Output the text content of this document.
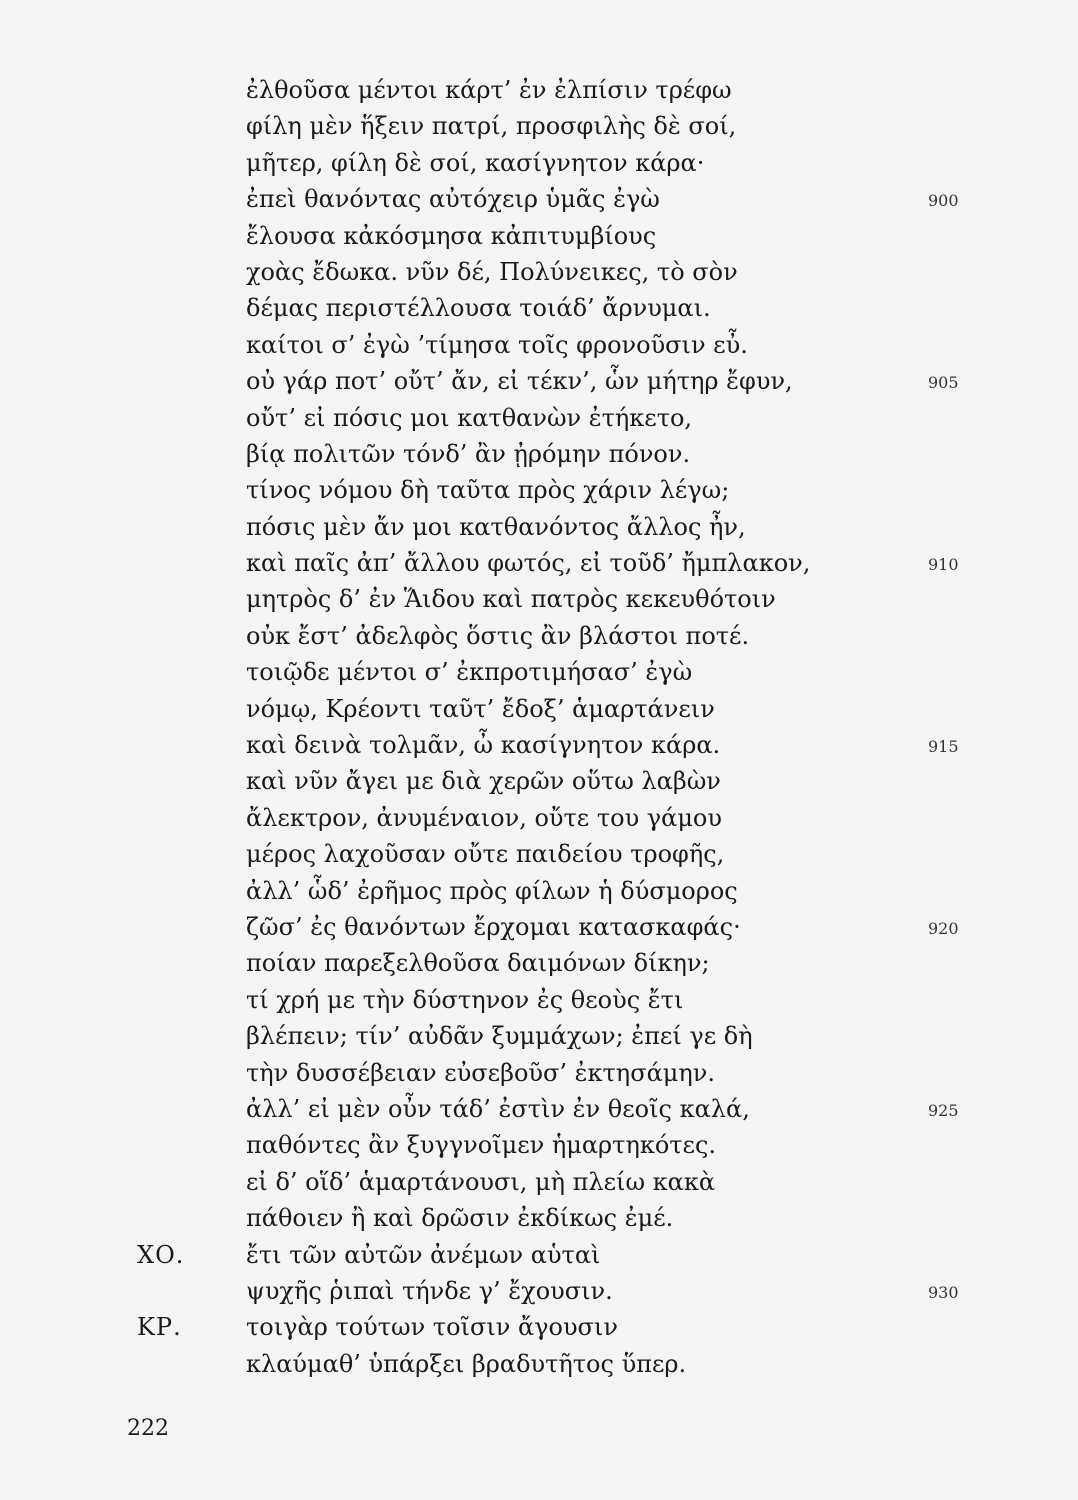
ἐλθοῦσα μέντοι κάρτ’ ἐν ἐλπίσιν τρέφω
φίλη μὲν ἥξειν πατρί, προσφιλὴς δὲ σοί,
μῆτερ, φίλη δὲ σοί, κασίγνητον κάρα·
ἐπεὶ θανόντας αὐτόχειρ ὑμᾶς ἐγὼ	900
ἔλουσα κἀκόσμησα κἀπιτυμβίους
χοὰς ἔδωκα. νῦν δέ, Πολύνεικες, τὸ σὸν
δέμας περιστέλλουσα τοιάδ’ ἄρνυμαι.
καίτοι σ’ ἐγὼ ’τίμησα τοῖς φρονοῦσιν εὖ.
οὐ γάρ ποτ’ οὔτ’ ἄν, εἰ τέκν’, ὧν μήτηρ ἔφυν,	905
οὔτ’ εἰ πόσις μοι κατθανὼν ἐτήκετο,
βίᾳ πολιτῶν τόνδ’ ἂν ᾐρόμην πόνον.
τίνος νόμου δὴ ταῦτα πρὸς χάριν λέγω;
πόσις μὲν ἄν μοι κατθανόντος ἄλλος ἦν,
καὶ παῖς ἀπ’ ἄλλου φωτός, εἰ τοῦδ’ ἤμπλακον,	910
μητρὸς δ’ ἐν Ἅιδου καὶ πατρὸς κεκευθότοιν
οὐκ ἔστ’ ἀδελφὸς ὅστις ἂν βλάστοι ποτέ.
τοιῷδε μέντοι σ’ ἐκπροτιμήσασ’ ἐγὼ
νόμῳ, Κρέοντι ταῦτ’ ἔδοξ’ ἁμαρτάνειν
καὶ δεινὰ τολμᾶν, ὦ κασίγνητον κάρα.	915
καὶ νῦν ἄγει με διὰ χερῶν οὕτω λαβὼν
ἄλεκτρον, ἀνυμέναιον, οὔτε του γάμου
μέρος λαχοῦσαν οὔτε παιδείου τροφῆς,
ἀλλ’ ὧδ’ ἐρῆμος πρὸς φίλων ἡ δύσμορος
ζῶσ’ ἐς θανόντων ἔρχομαι κατασκαφάς·	920
ποίαν παρεξελθοῦσα δαιμόνων δίκην;
τί χρή με τὴν δύστηνον ἐς θεοὺς ἔτι
βλέπειν; τίν’ αὐδᾶν ξυμμάχων; ἐπεί γε δὴ
τὴν δυσσέβειαν εὐσεβοῦσ’ ἐκτησάμην.
ἀλλ’ εἰ μὲν οὖν τάδ’ ἐστὶν ἐν θεοῖς καλά,	925
παθόντες ἂν ξυγγνοῖμεν ἡμαρτηκότες.
εἰ δ’ οἵδ’ ἁμαρτάνουσι, μὴ πλείω κακὰ
πάθοιεν ἢ καὶ δρῶσιν ἐκδίκως ἐμέ.
ΧΟ.	ἔτι τῶν αὐτῶν ἀνέμων αὑταὶ
ψυχῆς ῥιπαὶ τήνδε γ’ ἔχουσιν.	930
ΚΡ.	τοιγὰρ τούτων τοῖσιν ἄγουσιν
κλαύμαθ’ ὑπάρξει βραδυτῆτος ὕπερ.
222
